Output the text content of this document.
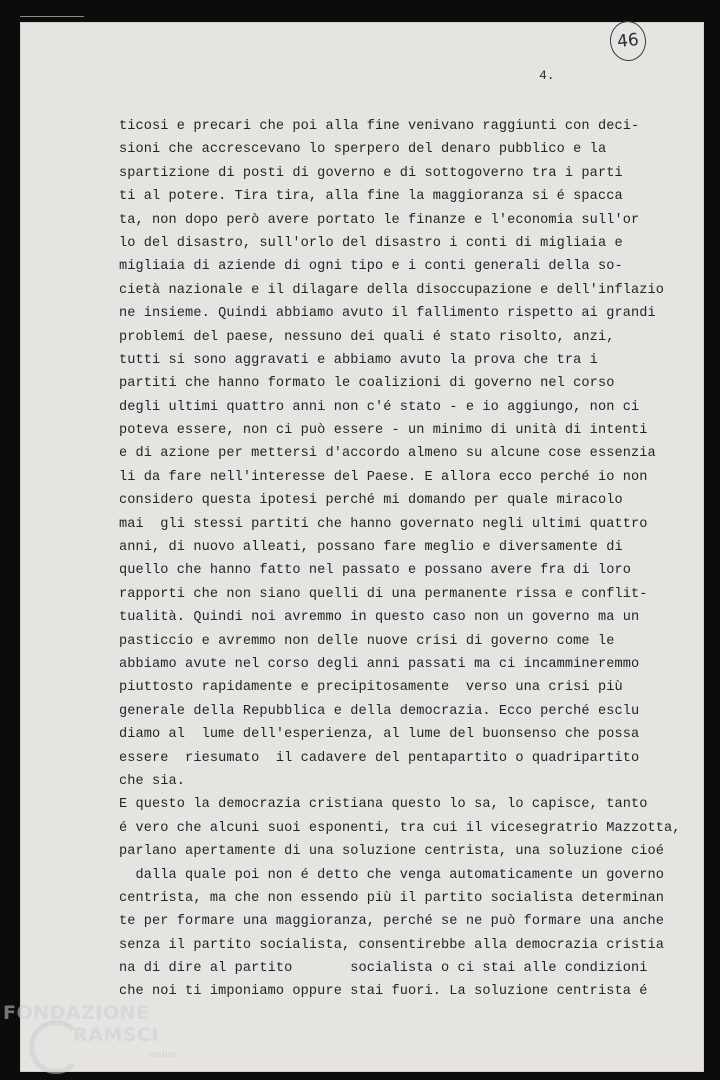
46
4.
ticosi e precari che poi alla fine venivano raggiunti con deci-
sioni che accrescevano lo sperpero del denaro pubblico e la
spartizione di posti di governo e di sottogoverno tra i parti
ti al potere. Tira tira, alla fine la maggioranza si é spacca
ta, non dopo però avere portato le finanze e l'economia sull'or
lo del disastro, sull'orlo del disastro i conti di migliaia e
migliaia di aziende di ogni tipo e i conti generali della so-
cietà nazionale e il dilagare della disoccupazione e dell'inflazio
ne insieme. Quindi abbiamo avuto il fallimento rispetto ai grandi
problemi del paese, nessuno dei quali é stato risolto, anzi,
tutti si sono aggravati e abbiamo avuto la prova che tra i
partiti che hanno formato le coalizioni di governo nel corso
degli ultimi quattro anni non c'é stato - e io aggiungo, non ci
poteva essere, non ci può essere - un minimo di unità di intenti
e di azione per mettersi d'accordo almeno su alcune cose essenzia
li da fare nell'interesse del Paese. E allora ecco perché io non
considero questa ipotesi perché mi domando per quale miracolo
mai  gli stessi partiti che hanno governato negli ultimi quattro
anni, di nuovo alleati, possano fare meglio e diversamente di
quello che hanno fatto nel passato e possano avere fra di loro
rapporti che non siano quelli di una permanente rissa e conflit-
tualità. Quindi noi avremmo in questo caso non un governo ma un
pasticcio e avremmo non delle nuove crisi di governo come le
abbiamo avute nel corso degli anni passati ma ci incammineremmo
piuttosto rapidamente e precipitosamente  verso una crisi più
generale della Repubblica e della democrazia. Ecco perché esclu
diamo al  lume dell'esperienza, al lume del buonsenso che possa
essere  riesumato  il cadavere del pentapartito o quadripartito
che sia.
E questo la democrazia cristiana questo lo sa, lo capisce, tanto
é vero che alcuni suoi esponenti, tra cui il vicesegratrio Mazzotta,
parlano apertamente di una soluzione centrista, una soluzione cioé
dalla quale poi non é detto che venga automaticamente un governo
centrista, ma che non essendo più il partito socialista determinan
te per formare una maggioranza, perché se ne può formare una anche
senza il partito socialista, consentirebbe alla democrazia cristia
na di dire al partito       socialista o ci stai alle condizioni
che noi ti imponiamo oppure stai fuori. La soluzione centrista é
FONDAZIONE
RAMSCI
onlus
